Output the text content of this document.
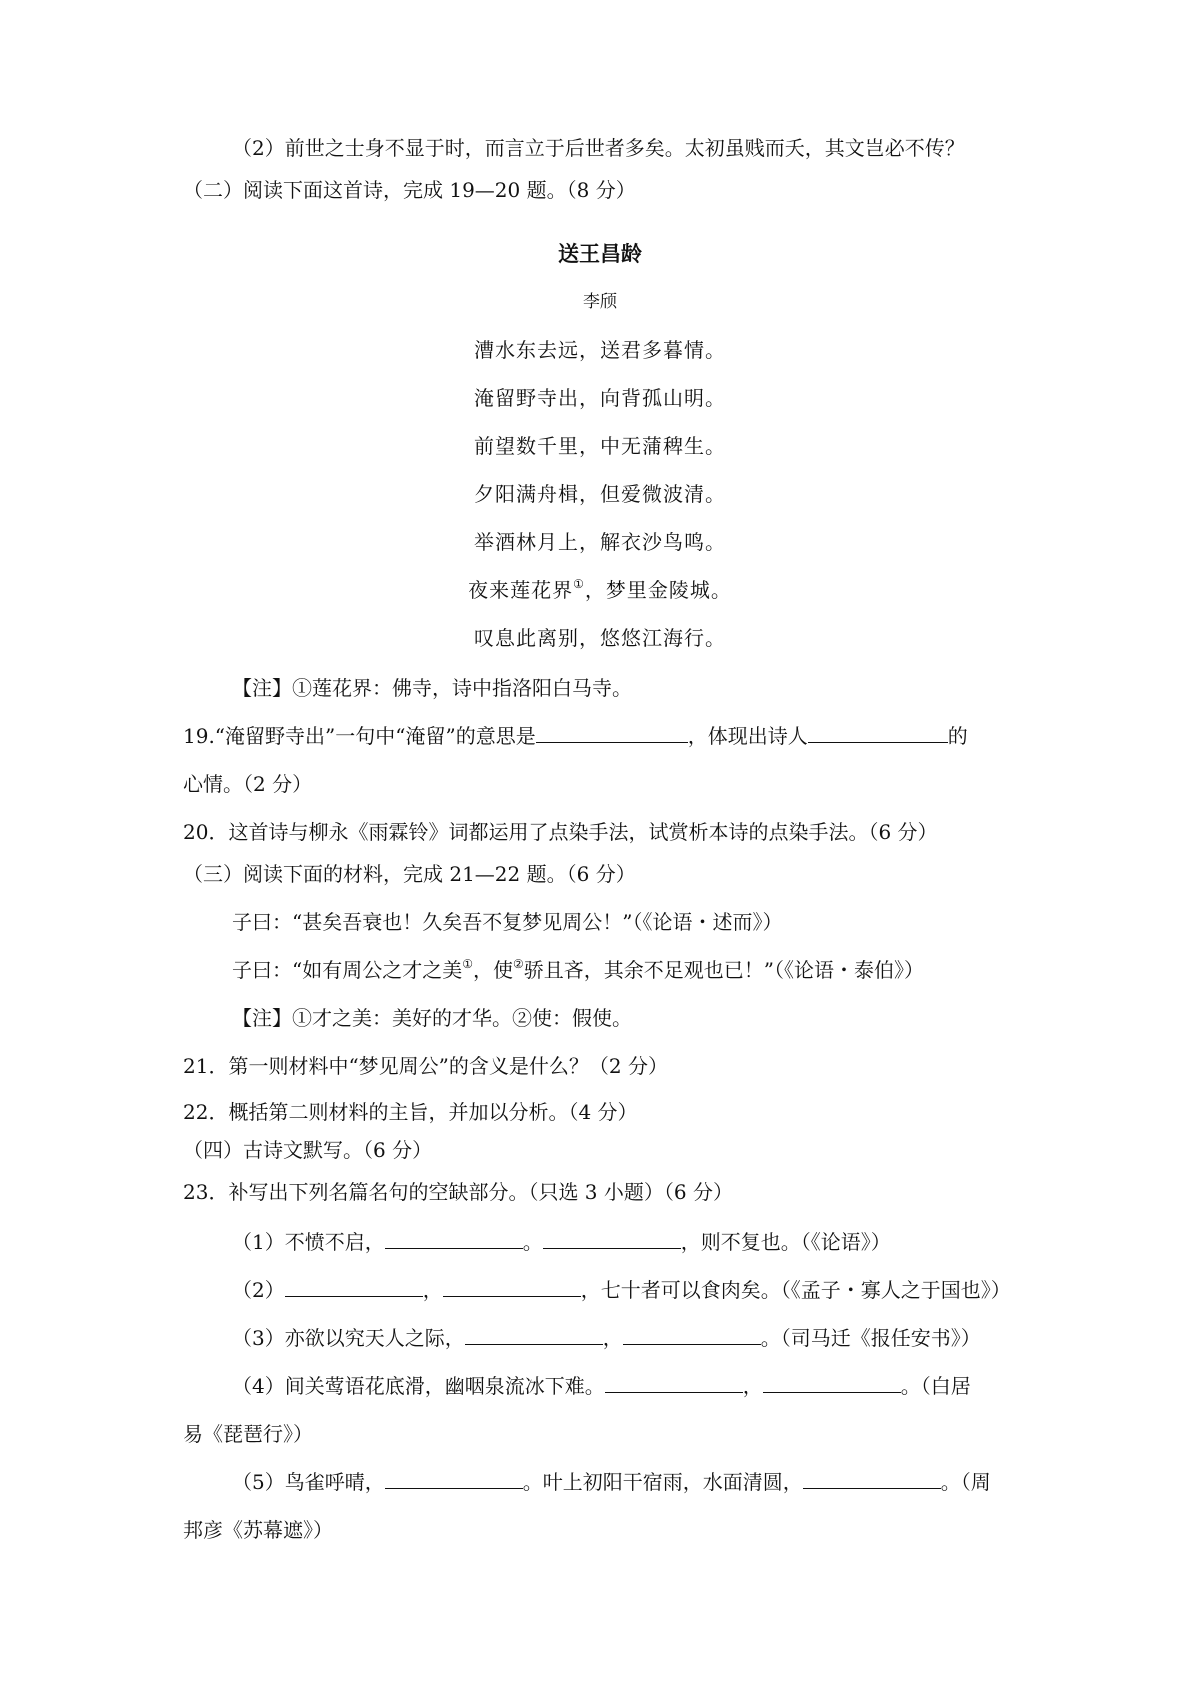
（2）前世之士身不显于时，而言立于后世者多矣。太初虽贱而夭，其文岂必不传？
（二）阅读下面这首诗，完成 19—20 题。（8 分）
送王昌龄
李颀
漕水东去远，送君多暮情。
淹留野寺出，向背孤山明。
前望数千里，中无蒲稗生。
夕阳满舟楫，但爱微波清。
举酒林月上，解衣沙鸟鸣。
夜来莲花界①，梦里金陵城。
叹息此离别，悠悠江海行。
【注】①莲花界：佛寺，诗中指洛阳白马寺。
19.“淹留野寺出”一句中“淹留”的意思是	，体现出诗人	的
心情。（2 分）
20．这首诗与柳永《雨霖铃》词都运用了点染手法，试赏析本诗的点染手法。（6 分）
（三）阅读下面的材料，完成 21—22 题。（6 分）
子曰：“甚矣吾衰也！久矣吾不复梦见周公！”（《论语・述而》）
子曰：“如有周公之才之美①，使②骄且吝，其余不足观也已！”（《论语・泰伯》）
【注】①才之美：美好的才华。②使：假使。
21．第一则材料中“梦见周公”的含义是什么？（2 分）
22．概括第二则材料的主旨，并加以分析。（4 分）
（四）古诗文默写。（6 分）
23．补写出下列名篇名句的空缺部分。（只选 3 小题）（6 分）
（1）不愤不启，	。	，则不复也。（《论语》）
（2）	，	，七十者可以食肉矣。（《孟子・寡人之于国也》）
（3）亦欲以究天人之际，	，	。（司马迁《报任安书》）
（4）间关莺语花底滑，幽咽泉流冰下难。	，	。（白居
易《琵琶行》）
（5）鸟雀呼晴，	。叶上初阳干宿雨，水面清圆，	。（周
邦彦《苏幕遮》）
